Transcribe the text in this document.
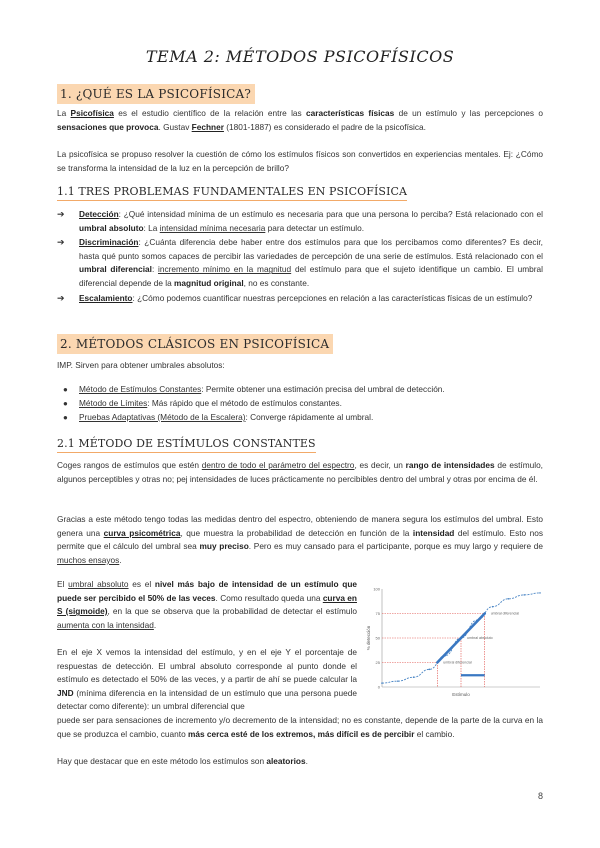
TEMA 2: MÉTODOS PSICOFÍSICOS
1. ¿QUÉ ES LA PSICOFÍSICA?

La Psicofísica es el estudio científico de la relación entre las características físicas de un estímulo y las percepciones o sensaciones que provoca. Gustav Fechner (1801-1887) es considerado el padre de la psicofísica.

La psicofísica se propuso resolver la cuestión de cómo los estímulos físicos son convertidos en experiencias mentales. Ej: ¿Cómo se transforma la intensidad de la luz en la percepción de brillo?

1.1 TRES PROBLEMAS FUNDAMENTALES EN PSICOFÍSICA
➔	Detección: ¿Qué intensidad mínima de un estímulo es necesaria para que una persona lo perciba? Está relacionado con el umbral absoluto: La intensidad mínima necesaria para detectar un estímulo.
➔	Discriminación: ¿Cuánta diferencia debe haber entre dos estímulos para que los percibamos como diferentes? Es decir, hasta qué punto somos capaces de percibir las variedades de percepción de una serie de estímulos. Está relacionado con el umbral diferencial: incremento mínimo en la magnitud del estímulo para que el sujeto identifique un cambio. El umbral diferencial depende de la magnitud original, no es constante.
➔	Escalamiento: ¿Cómo podemos cuantificar nuestras percepciones en relación a las características físicas de un estímulo?
2. MÉTODOS CLÁSICOS EN PSICOFÍSICA

IMP. Sirven para obtener umbrales absolutos:

●	Método de Estímulos Constantes: Permite obtener una estimación precisa del umbral de detección.
●	Método de Límites: Más rápido que el método de estímulos constantes.
●	Pruebas Adaptativas (Método de la Escalera): Converge rápidamente al umbral.
2.1 MÉTODO DE ESTÍMULOS CONSTANTES

Coges rangos de estímulos que estén dentro de todo el parámetro del espectro, es decir, un rango de intensidades de estímulo, algunos perceptibles y otras no; pej intensidades de luces prácticamente no percibibles dentro del umbral y otras por encima de él.

Gracias a este método tengo todas las medidas dentro del espectro, obteniendo de manera segura los estímulos del umbral. Esto genera una curva psicométrica, que muestra la probabilidad de detección en función de la intensidad del estímulo. Esto nos permite que el cálculo del umbral sea muy preciso. Pero es muy cansado para el participante, porque es muy largo y requiere de muchos ensayos.

El umbral absoluto es el nivel más bajo de intensidad de un estímulo que puede ser percibido el 50% de las veces. Como resultado queda una curva en S (sigmoide), en la que se observa que la probabilidad de detectar el estímulo aumenta con la intensidad.

En el eje X vemos la intensidad del estímulo, y en el eje Y el porcentaje de respuestas de detección. El umbral absoluto corresponde al punto donde el estímulo es detectado el 50% de las veces, y a partir de ahí se puede calcular la JND (mínima diferencia en la intensidad de un estímulo que una persona puede detectar como diferente): un umbral diferencial que

puede ser para sensaciones de incremento y/o decremento de la intensidad; no es constante, depende de la parte de la curva en la que se produzca el cambio, cuanto más cerca esté de los extremos, más difícil es de percibir el cambio.

Hay que destacar que en este método los estímulos son aleatorios.

0
25
50
75
100
umbral diferencial
umbral absoluto
umbral diferencial
Estímulo
% detección
8
